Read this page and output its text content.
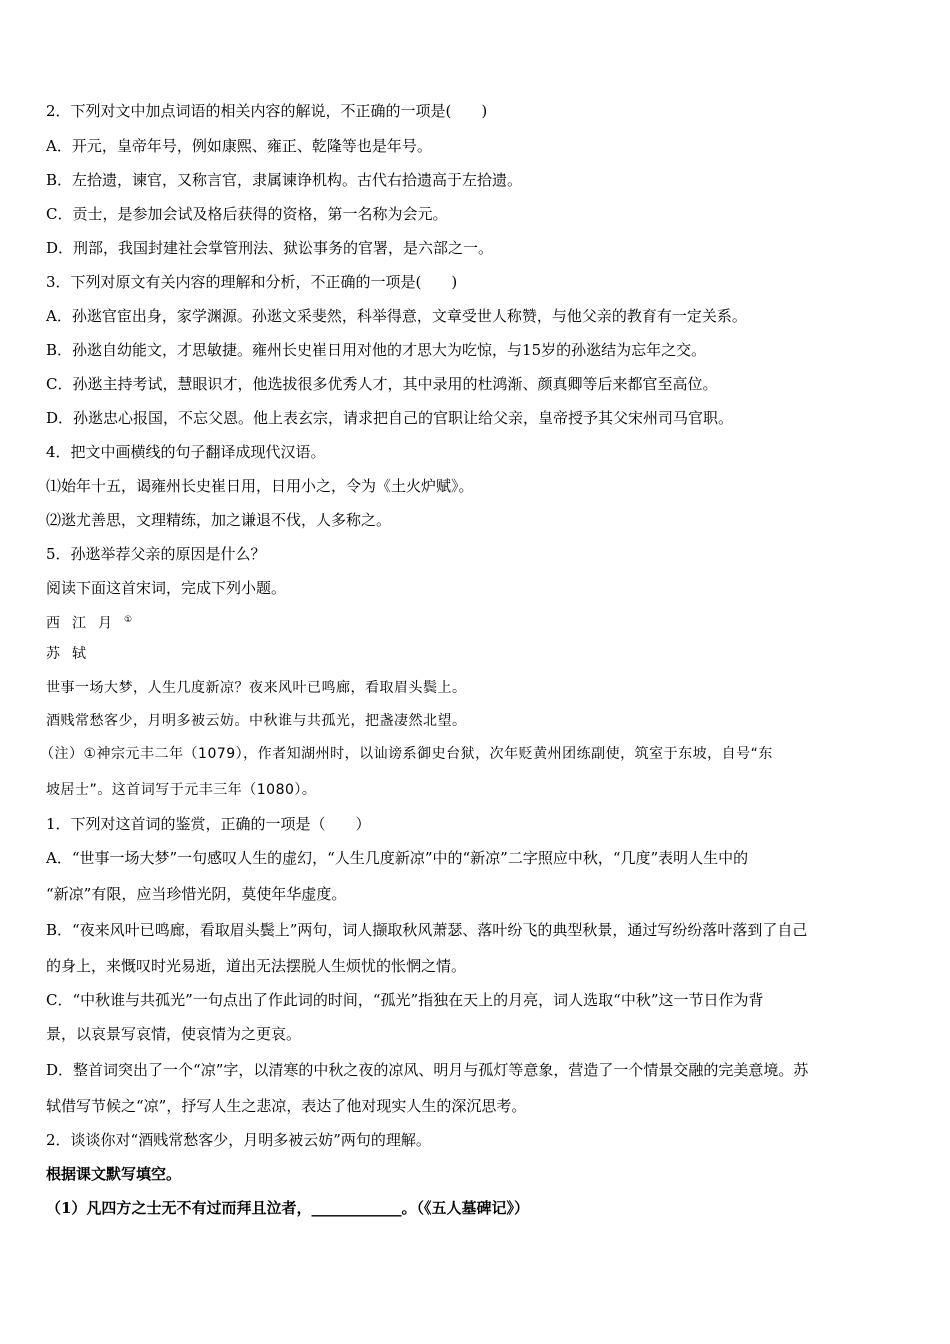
2．下列对文中加点词语的相关内容的解说，不正确的一项是(　　)
A．开元，皇帝年号，例如康熙、雍正、乾隆等也是年号。
B．左拾遗，谏官，又称言官，隶属谏诤机构。古代右拾遗高于左拾遗。
C．贡士，是参加会试及格后获得的资格，第一名称为会元。
D．刑部，我国封建社会掌管刑法、狱讼事务的官署，是六部之一。
3．下列对原文有关内容的理解和分析，不正确的一项是(　　)
A．孙逖官宦出身，家学渊源。孙逖文采斐然，科举得意，文章受世人称赞，与他父亲的教育有一定关系。
B．孙逖自幼能文，才思敏捷。雍州长史崔日用对他的才思大为吃惊，与15岁的孙逖结为忘年之交。
C．孙逖主持考试，慧眼识才，他选拔很多优秀人才，其中录用的杜鸿渐、颜真卿等后来都官至高位。
D．孙逖忠心报国，不忘父恩。他上表玄宗，请求把自己的官职让给父亲，皇帝授予其父宋州司马官职。
4．把文中画横线的句子翻译成现代汉语。
⑴始年十五，谒雍州长史崔日用，日用小之，令为《土火炉赋》。
⑵逖尤善思，文理精练，加之谦退不伐，人多称之。
5．孙逖举荐父亲的原因是什么？
阅读下面这首宋词，完成下列小题。
西江月①
苏轼
世事一场大梦，人生几度新凉？夜来风叶已鸣廊，看取眉头鬓上。
酒贱常愁客少，月明多被云妨。中秋谁与共孤光，把盏凄然北望。
（注）①神宗元丰二年（1079），作者知湖州时，以讪谤系御史台狱，次年贬黄州团练副使，筑室于东坡，自号“东
坡居士”。这首词写于元丰三年（1080）。
1．下列对这首词的鉴赏，正确的一项是（　　）
A．“世事一场大梦”一句感叹人生的虚幻，“人生几度新凉”中的“新凉”二字照应中秋，“几度”表明人生中的
“新凉”有限，应当珍惜光阴，莫使年华虚度。
B．“夜来风叶已鸣廊，看取眉头鬓上”两句，词人撷取秋风萧瑟、落叶纷飞的典型秋景，通过写纷纷落叶落到了自己
的身上，来慨叹时光易逝，道出无法摆脱人生烦忧的怅惘之情。
C．“中秋谁与共孤光”一句点出了作此词的时间，“孤光”指独在天上的月亮，词人选取“中秋”这一节日作为背
景，以哀景写哀情，使哀情为之更哀。
D．整首词突出了一个“凉”字，以清寒的中秋之夜的凉风、明月与孤灯等意象，营造了一个情景交融的完美意境。苏
轼借写节候之“凉”，抒写人生之悲凉，表达了他对现实人生的深沉思考。
2．谈谈你对“酒贱常愁客少，月明多被云妨”两句的理解。
根据课文默写填空。
（1）凡四方之士无不有过而拜且泣者，____________。（《五人墓碑记》）
